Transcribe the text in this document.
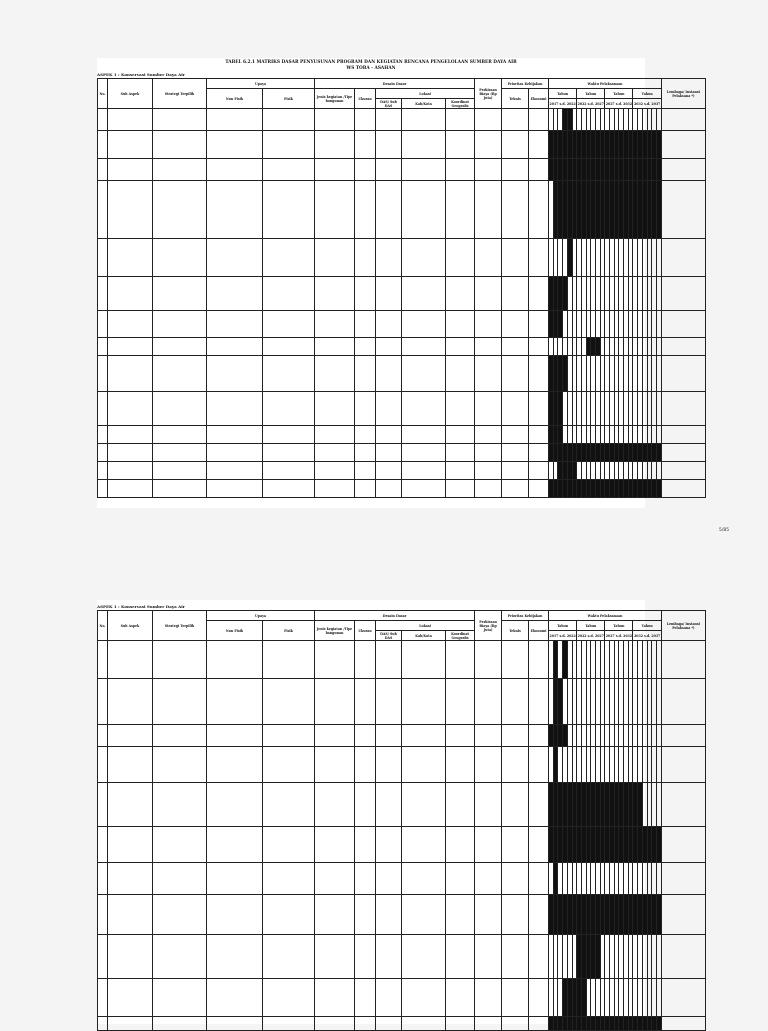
TABEL 6.2.1 MATRIKS DASAR PENYUSUNAN PROGRAM DAN KEGIATAN RENCANA PENGELOLAAN SUMBER DAYA AIR
WS TOBA - ASAHAN
ASPEK 1 : Konservasi Sumber Daya Air
No.	Sub Aspek	Strategi Terpilih	Upaya		Desain Dasar					Perkiraan Biaya (Rp Juta)	Prioritas Kebijakan		Waktu Pelaksanaan																								Lembaga/ Instansi Pelaksana *)
			Non Fisik	Fisik	Jenis kegiatan /Tipe bangunan	Ukuran	Lokasi				Teknis	Ekonomi	Tahun						Tahun						Tahun						Tahun						
							DAS/ Sub DAS	Kab/Kota	Koordinat Geografis				2017 s.d. 2022						2022 s.d. 2027						2027 s.d. 2032						2032 s.d. 2037						

5/85
ASPEK 1 : Konservasi Sumber Daya Air
No.	Sub Aspek	Strategi Terpilih	Upaya		Desain Dasar					Perkiraan Biaya (Rp Juta)	Prioritas Kebijakan		Waktu Pelaksanaan																								Lembaga/ Instansi Pelaksana *)
			Non Fisik	Fisik	Jenis kegiatan /Tipe bangunan	Ukuran	Lokasi				Teknis	Ekonomi	Tahun						Tahun						Tahun						Tahun						
							DAS/ Sub DAS	Kab/Kota	Koordinat Geografis				2017 s.d. 2022						2022 s.d. 2027						2027 s.d. 2032						2032 s.d. 2037						
